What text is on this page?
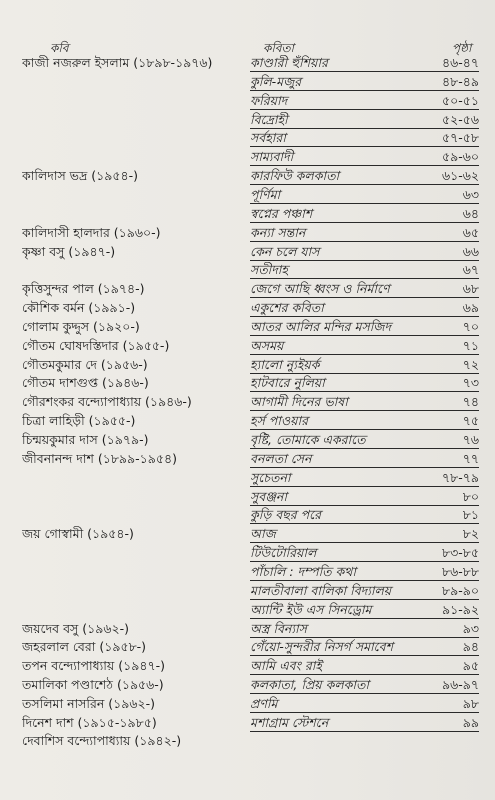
কবি	কবিতা	পৃষ্ঠা
কাজী নজরুল ইসলাম (১৮৯৮-১৯৭৬)	কাণ্ডারী হুঁশিয়ার	৪৬-৪৭
কুলি-মজুর	৪৮-৪৯
ফরিয়াদ	৫০-৫১
বিদ্রোহী	৫২-৫৬
সর্বহারা	৫৭-৫৮
সাম্যবাদী	৫৯-৬০
কালিদাস ভদ্র (১৯৫৪-)	কারফিউ কলকাতা	৬১-৬২
পূর্ণিমা	৬৩
স্বপ্নের পঞ্চাশ	৬৪
কালিদাসী হালদার (১৯৬০-)	কন্যা সন্তান	৬৫
কৃষ্ণা বসু (১৯৪৭-)	কেন চলে যাস	৬৬
সতীদাহ	৬৭
কৃত্তিসুন্দর পাল (১৯৭৪-)	জেগে আছি ধ্বংস ও নির্মাণে	৬৮
কৌশিক বর্মন (১৯৯১-)	একুশের কবিতা	৬৯
গোলাম কুদ্দুস (১৯২০-)	আতর আলির মন্দির মসজিদ	৭০
গৌতম ঘোষদস্তিদার (১৯৫৫-)	অসময়	৭১
গৌতমকুমার দে (১৯৫৬-)	হ্যালো ন্যুইয়র্ক	৭২
গৌতম দাশগুপ্ত (১৯৪৬-)	হাটবারে নুলিয়া	৭৩
গৌরশংকর বন্দ্যোপাধ্যায় (১৯৪৬-)	আগামী দিনের ভাষা	৭৪
চিত্রা লাহিড়ী (১৯৫৫-)	হর্স পাওয়ার	৭৫
চিন্ময়কুমার দাস (১৯৭৯-)	বৃষ্টি, তোমাকে একরাতে	৭৬
জীবনানন্দ দাশ (১৮৯৯-১৯৫৪)	বনলতা সেন	৭৭
সুচেতনা	৭৮-৭৯
সুবঞ্জনা	৮০
কুড়ি বছর পরে	৮১
জয় গোস্বামী (১৯৫৪-)	আজ	৮২
টিউটোরিয়াল	৮৩-৮৫
পাঁচালি : দম্পতি কথা	৮৬-৮৮
মালতীবালা বালিকা বিদ্যালয়	৮৯-৯০
অ্যান্টি ইউ এস সিনড্রোম	৯১-৯২
জয়দেব বসু (১৯৬২-)	অস্ত্র বিন্যাস	৯৩
জহরলাল বেরা (১৯৫৮-)	গেঁয়ো-সুন্দরীর নিসর্গ সমাবেশ	৯৪
তপন বন্দ্যোপাধ্যায় (১৯৪৭-)	আমি এবং রাই	৯৫
তমালিকা পণ্ডাশেঠ (১৯৫৬-)	কলকাতা, প্রিয় কলকাতা	৯৬-৯৭
তসলিমা নাসরিন (১৯৬২-)	প্রণমি	৯৮
দিনেশ দাশ (১৯১৫-১৯৮৫)	মশাগ্রাম স্টেশনে	৯৯
দেবাশিস বন্দ্যোপাধ্যায় (১৯৪২-)
